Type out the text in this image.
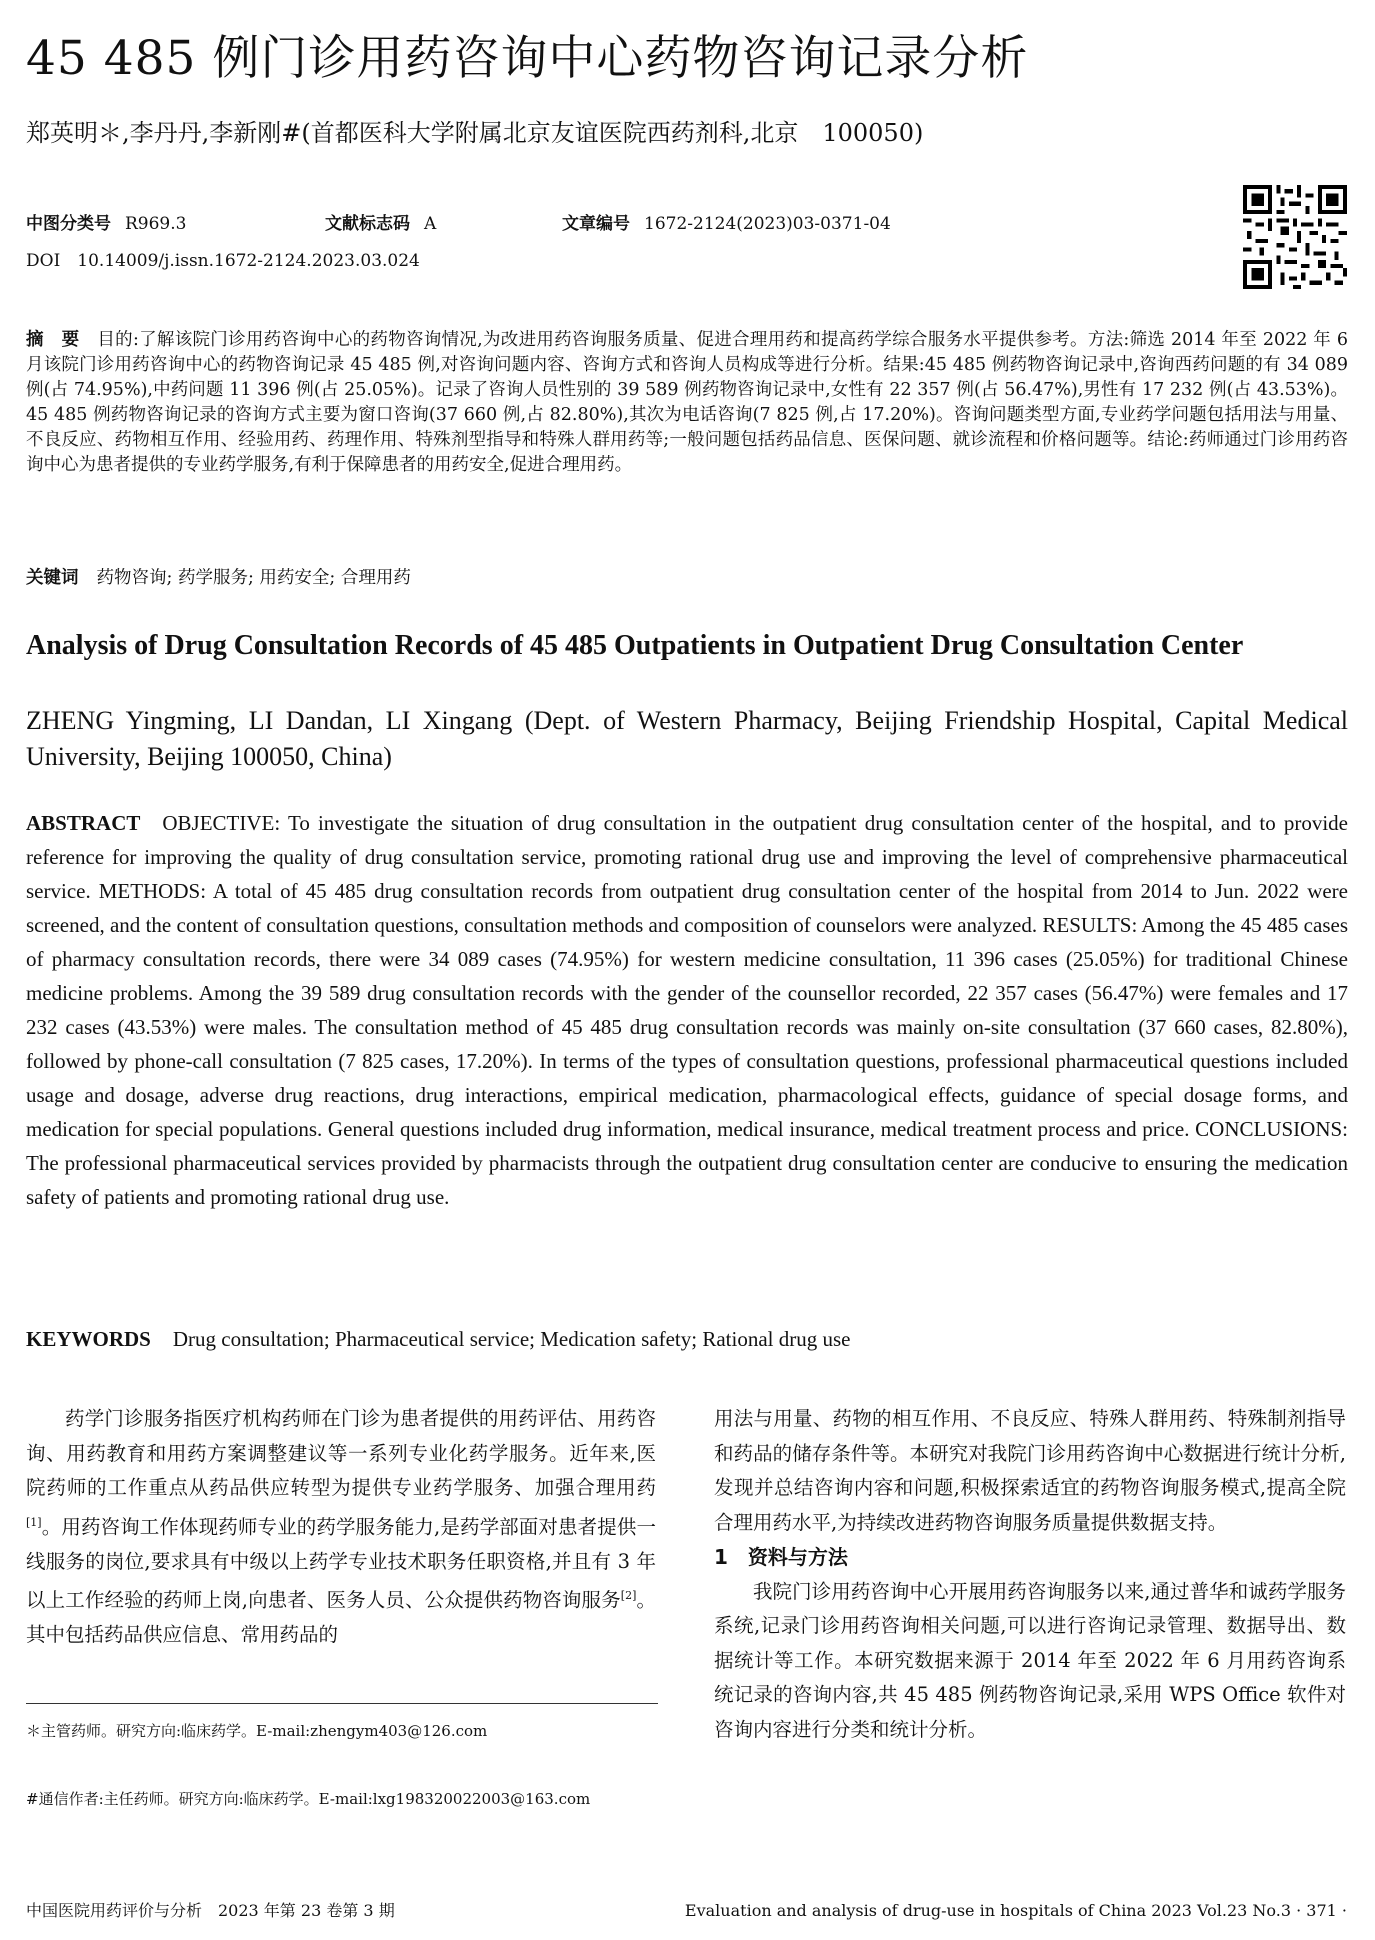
45 485 例门诊用药咨询中心药物咨询记录分析
郑英明＊,李丹丹,李新刚#(首都医科大学附属北京友谊医院西药剂科,北京　100050)
中图分类号 R969.3	文献标志码 A	文章编号 1672-2124(2023)03-0371-04
DOI　10.14009/j.issn.1672-2124.2023.03.024
摘　要 目的:了解该院门诊用药咨询中心的药物咨询情况,为改进用药咨询服务质量、促进合理用药和提高药学综合服务水平提供参考。方法:筛选 2014 年至 2022 年 6 月该院门诊用药咨询中心的药物咨询记录 45 485 例,对咨询问题内容、咨询方式和咨询人员构成等进行分析。结果:45 485 例药物咨询记录中,咨询西药问题的有 34 089 例(占 74.95%),中药问题 11 396 例(占 25.05%)。记录了咨询人员性别的 39 589 例药物咨询记录中,女性有 22 357 例(占 56.47%),男性有 17 232 例(占 43.53%)。45 485 例药物咨询记录的咨询方式主要为窗口咨询(37 660 例,占 82.80%),其次为电话咨询(7 825 例,占 17.20%)。咨询问题类型方面,专业药学问题包括用法与用量、不良反应、药物相互作用、经验用药、药理作用、特殊剂型指导和特殊人群用药等;一般问题包括药品信息、医保问题、就诊流程和价格问题等。结论:药师通过门诊用药咨询中心为患者提供的专业药学服务,有利于保障患者的用药安全,促进合理用药。
关键词 药物咨询; 药学服务; 用药安全; 合理用药
Analysis of Drug Consultation Records of 45 485 Outpatients in Outpatient Drug Consultation Center
ZHENG Yingming, LI Dandan, LI Xingang (Dept. of Western Pharmacy, Beijing Friendship Hospital, Capital Medical University, Beijing 100050, China)
ABSTRACT OBJECTIVE: To investigate the situation of drug consultation in the outpatient drug consultation center of the hospital, and to provide reference for improving the quality of drug consultation service, promoting rational drug use and improving the level of comprehensive pharmaceutical service. METHODS: A total of 45 485 drug consultation records from outpatient drug consultation center of the hospital from 2014 to Jun. 2022 were screened, and the content of consultation questions, consultation methods and composition of counselors were analyzed. RESULTS: Among the 45 485 cases of pharmacy consultation records, there were 34 089 cases (74.95%) for western medicine consultation, 11 396 cases (25.05%) for traditional Chinese medicine problems. Among the 39 589 drug consultation records with the gender of the counsellor recorded, 22 357 cases (56.47%) were females and 17 232 cases (43.53%) were males. The consultation method of 45 485 drug consultation records was mainly on-site consultation (37 660 cases, 82.80%), followed by phone-call consultation (7 825 cases, 17.20%). In terms of the types of consultation questions, professional pharmaceutical questions included usage and dosage, adverse drug reactions, drug interactions, empirical medication, pharmacological effects, guidance of special dosage forms, and medication for special populations. General questions included drug information, medical insurance, medical treatment process and price. CONCLUSIONS: The professional pharmaceutical services provided by pharmacists through the outpatient drug consultation center are conducive to ensuring the medication safety of patients and promoting rational drug use.
KEYWORDS Drug consultation; Pharmaceutical service; Medication safety; Rational drug use

药学门诊服务指医疗机构药师在门诊为患者提供的用药评估、用药咨询、用药教育和用药方案调整建议等一系列专业化药学服务。近年来,医院药师的工作重点从药品供应转型为提供专业药学服务、加强合理用药[1]。用药咨询工作体现药师专业的药学服务能力,是药学部面对患者提供一线服务的岗位,要求具有中级以上药学专业技术职务任职资格,并且有 3 年以上工作经验的药师上岗,向患者、医务人员、公众提供药物咨询服务[2]。其中包括药品供应信息、常用药品的

＊主管药师。研究方向:临床药学。E-mail:zhengym403@126.com
#通信作者:主任药师。研究方向:临床药学。E-mail:lxg198320022003@163.com
用法与用量、药物的相互作用、不良反应、特殊人群用药、特殊制剂指导和药品的储存条件等。本研究对我院门诊用药咨询中心数据进行统计分析,发现并总结咨询内容和问题,积极探索适宜的药物咨询服务模式,提高全院合理用药水平,为持续改进药物咨询服务质量提供数据支持。
1　资料与方法

我院门诊用药咨询中心开展用药咨询服务以来,通过普华和诚药学服务系统,记录门诊用药咨询相关问题,可以进行咨询记录管理、数据导出、数据统计等工作。本研究数据来源于 2014 年至 2022 年 6 月用药咨询系统记录的咨询内容,共 45 485 例药物咨询记录,采用 WPS Office 软件对咨询内容进行分类和统计分析。

中国医院用药评价与分析　2023 年第 23 卷第 3 期	Evaluation and analysis of drug-use in hospitals of China 2023 Vol.23 No.3 · 371 ·
